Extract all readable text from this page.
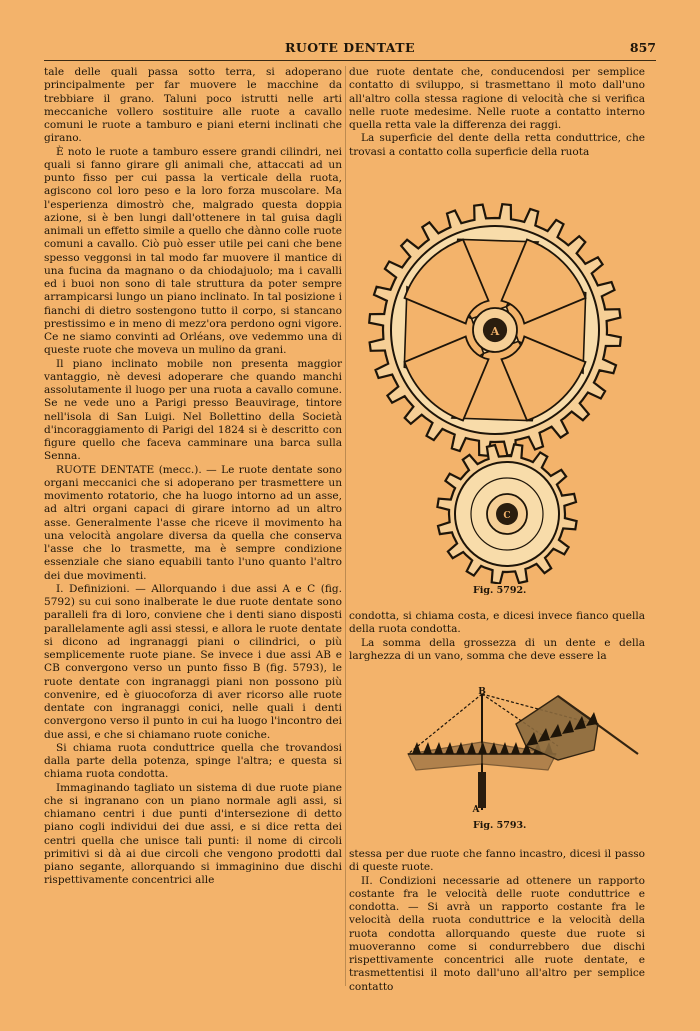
RUOTE DENTATE	857

tale delle quali passa sotto terra, si adoperano principalmente per far muovere le macchine da trebbiare il grano. Taluni poco istrutti nelle arti meccaniche vollero sostituire alle ruote a cavallo comuni le ruote a tamburo e piani eterni inclinati che girano.

È noto le ruote a tamburo essere grandi cilindri, nei quali si fanno girare gli animali che, attaccati ad un punto fisso per cui passa la verticale della ruota, agiscono col loro peso e la loro forza muscolare. Ma l'esperienza dimostrò che, malgrado questa doppia azione, si è ben lungi dall'ottenere in tal guisa dagli animali un effetto simile a quello che dànno colle ruote comuni a cavallo. Ciò può esser utile pei cani che bene spesso veggonsi in tal modo far muovere il mantice di una fucina da magnano o da chiodajuolo; ma i cavalli ed i buoi non sono di tale struttura da poter sempre arrampicarsi lungo un piano inclinato. In tal posizione i fianchi di dietro sostengono tutto il corpo, si stancano prestissimo e in meno di mezz'ora perdono ogni vigore. Ce ne siamo convinti ad Orléans, ove vedemmo una di queste ruote che moveva un mulino da grani.

Il piano inclinato mobile non presenta maggior vantaggio, nè devesi adoperare che quando manchi assolutamente il luogo per una ruota a cavallo comune. Se ne vede uno a Parigi presso Beauvirage, tintore nell'isola di San Luigi. Nel Bollettino della Società d'incoraggiamento di Parigi del 1824 si è descritto con figure quello che faceva camminare una barca sulla Senna.

RUOTE DENTATE (mecc.). — Le ruote dentate sono organi meccanici che si adoperano per trasmettere un movimento rotatorio, che ha luogo intorno ad un asse, ad altri organi capaci di girare intorno ad un altro asse. Generalmente l'asse che riceve il movimento ha una velocità angolare diversa da quella che conserva l'asse che lo trasmette, ma è sempre condizione essenziale che siano equabili tanto l'uno quanto l'altro dei due movimenti.

I. Definizioni. — Allorquando i due assi A e C (fig. 5792) su cui sono inalberate le due ruote dentate sono paralleli fra di loro, conviene che i denti siano disposti parallelamente agli assi stessi, e allora le ruote dentate si dicono ad ingranaggi piani o cilindrici, o più semplicemente ruote piane. Se invece i due assi AB e CB convergono verso un punto fisso B (fig. 5793), le ruote dentate con ingranaggi piani non possono più convenire, ed è giuocoforza di aver ricorso alle ruote dentate con ingranaggi conici, nelle quali i denti convergono verso il punto in cui ha luogo l'incontro dei due assi, e che si chiamano ruote coniche.

Si chiama ruota conduttrice quella che trovandosi dalla parte della potenza, spinge l'altra; e questa si chiama ruota condotta.

Immaginando tagliato un sistema di due ruote piane che si ingranano con un piano normale agli assi, si chiamano centri i due punti d'intersezione di detto piano cogli individui dei due assi, e si dice retta dei centri quella che unisce tali punti: il nome di circoli primitivi si dà ai due circoli che vengono prodotti dal piano segante, allorquando si immaginino due dischi rispettivamente concentrici alle

due ruote dentate che, conducendosi per semplice contatto di sviluppo, si trasmettano il moto dall'uno all'altro colla stessa ragione di velocità che si verifica nelle ruote medesime. Nelle ruote a contatto interno quella retta vale la differenza dei raggi.

La superficie del dente della retta conduttrice, che trovasi a contatto colla superficie della ruota

A
C
Fig. 5792.

condotta, si chiama costa, e dicesi invece fianco quella della ruota condotta.

La somma della grossezza di un dente e della larghezza di un vano, somma che deve essere la

B
A
Fig. 5793.

stessa per due ruote che fanno incastro, dicesi il passo di queste ruote.

II. Condizioni necessarie ad ottenere un rapporto costante fra le velocità delle ruote conduttrice e condotta. — Si avrà un rapporto costante fra le velocità della ruota conduttrice e la velocità della ruota condotta allorquando queste due ruote si muoveranno come si condurrebbero due dischi rispettivamente concentrici alle ruote dentate, e trasmettentisi il moto dall'uno all'altro per semplice contatto
